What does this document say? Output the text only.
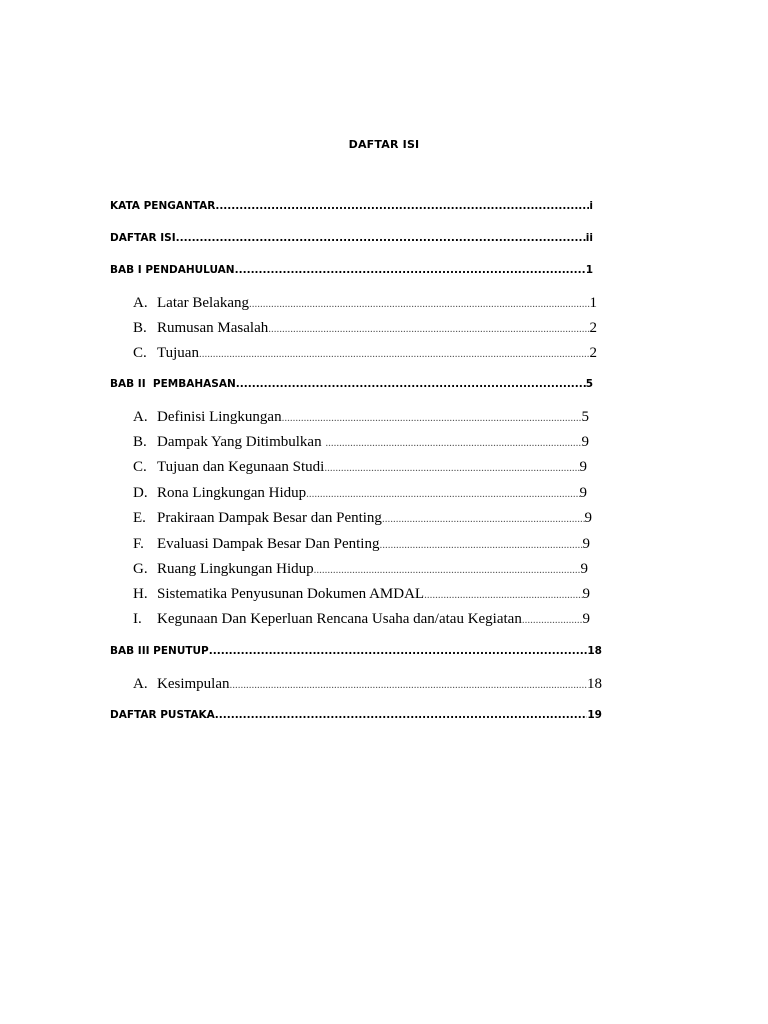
DAFTAR ISI
KATA PENGANTAR .....	i
DAFTAR ISI .....	ii
BAB I PENDAHULUAN .....	1
A. Latar Belakang .....	1
B. Rumusan Masalah .....	2
C. Tujuan .....	2
BAB II  PEMBAHASAN .....	5
A. Definisi Lingkungan .....	5
B. Dampak Yang Ditimbulkan .....	9
C. Tujuan dan Kegunaan Studi .....	9
D. Rona Lingkungan Hidup .....	9
E. Prakiraan Dampak Besar dan Penting .....	9
F. Evaluasi Dampak Besar Dan Penting .....	9
G. Ruang Lingkungan Hidup .....	9
H. Sistematika Penyusunan Dokumen AMDAL .....	9
I.	Kegunaan Dan Keperluan Rencana Usaha dan/atau Kegiatan .....	9
BAB III PENUTUP .....	18
A. Kesimpulan .....	18
DAFTAR PUSTAKA .....	19
